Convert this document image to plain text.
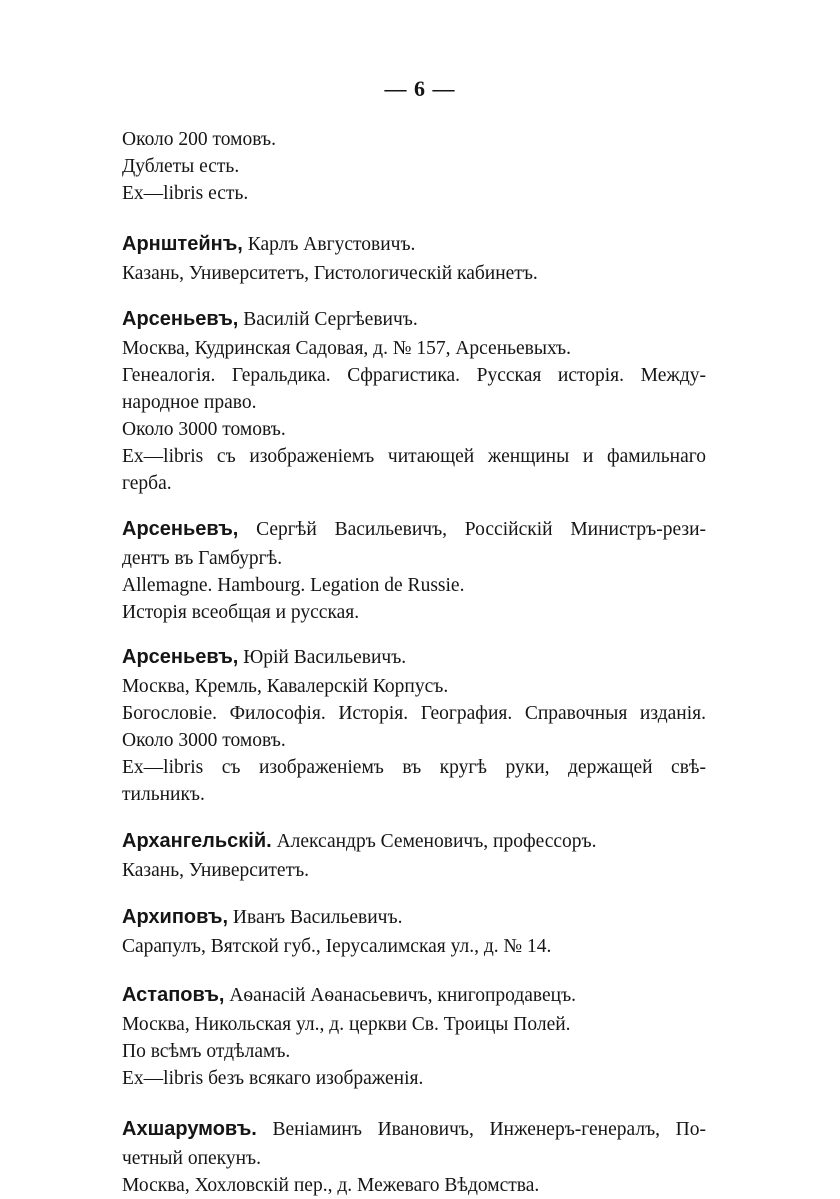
— 6 —
Около 200 томовъ.
Дублеты есть.
Ex—libris есть.
Арнштейнъ, Карлъ Августовичъ.
Казань, Университетъ, Гистологическій кабинетъ.
Арсеньевъ, Василій Сергѣевичъ.
Москва, Кудринская Садовая, д. № 157, Арсеньевыхъ.
Генеалогія. Геральдика. Сфрагистика. Русская исторія. Между-
народное право.
Около 3000 томовъ.
Ex—libris съ изображеніемъ читающей женщины и фамильнаго
герба.
Арсеньевъ, Сергѣй Васильевичъ, Россійскій Министръ-рези-
дентъ въ Гамбургѣ.
Allemagne. Hambourg. Legation de Russie.
Исторія всеобщая и русская.
Арсеньевъ, Юрій Васильевичъ.
Москва, Кремль, Кавалерскій Корпусъ.
Богословіе. Философія. Исторія. География. Справочныя изданія.
Около 3000 томовъ.
Ex—libris съ изображеніемъ въ кругѣ руки, держащей свѣ-
тильникъ.
Архангельскій. Александръ Семеновичъ, профессоръ.
Казань, Университетъ.
Архиповъ, Иванъ Васильевичъ.
Сарапулъ, Вятской губ., Іерусалимская ул., д. № 14.
Астаповъ, Аѳанасій Аѳанасьевичъ, книгопродавецъ.
Москва, Никольская ул., д. церкви Св. Троицы Полей.
По всѣмъ отдѣламъ.
Ex—libris безъ всякаго изображенія.
Ахшарумовъ. Веніаминъ Ивановичъ, Инженеръ-генералъ, По-
четный опекунъ.
Москва, Хохловскій пер., д. Межеваго Вѣдомства.
